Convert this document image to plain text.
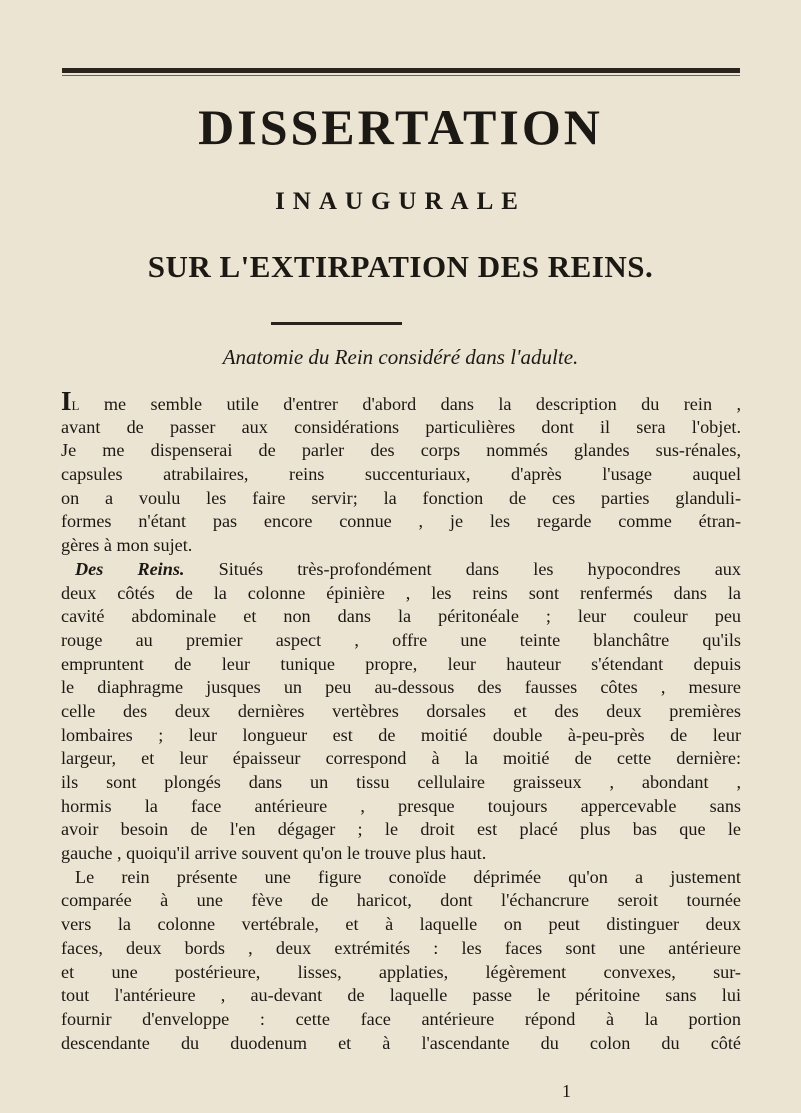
DISSERTATION
INAUGURALE
SUR L'EXTIRPATION DES REINS.
Anatomie du Rein considéré dans l'adulte.
Il me semble utile d'entrer d'abord dans la description du rein ,
avant de passer aux considérations particulières dont il sera l'objet.
Je me dispenserai de parler des corps nommés glandes sus-rénales,
capsules atrabilaires, reins succenturiaux, d'après l'usage auquel
on a voulu les faire servir; la fonction de ces parties glanduli-
formes n'étant pas encore connue , je les regarde comme étran-
gères à mon sujet.
Des Reins. Situés très-profondément dans les hypocondres aux
deux côtés de la colonne épinière , les reins sont renfermés dans la
cavité abdominale et non dans la péritonéale ; leur couleur peu
rouge au premier aspect , offre une teinte blanchâtre qu'ils
empruntent de leur tunique propre, leur hauteur s'étendant depuis
le diaphragme jusques un peu au-dessous des fausses côtes , mesure
celle des deux dernières vertèbres dorsales et des deux premières
lombaires ; leur longueur est de moitié double à-peu-près de leur
largeur, et leur épaisseur correspond à la moitié de cette dernière:
ils sont plongés dans un tissu cellulaire graisseux , abondant ,
hormis la face antérieure , presque toujours appercevable sans
avoir besoin de l'en dégager ; le droit est placé plus bas que le
gauche , quoiqu'il arrive souvent qu'on le trouve plus haut.
Le rein présente une figure conoïde déprimée qu'on a justement
comparée à une fève de haricot, dont l'échancrure seroit tournée
vers la colonne vertébrale, et à laquelle on peut distinguer deux
faces, deux bords , deux extrémités : les faces sont une antérieure
et une postérieure, lisses, applaties, légèrement convexes, sur-
tout l'antérieure , au-devant de laquelle passe le péritoine sans lui
fournir d'enveloppe : cette face antérieure répond à la portion
descendante du duodenum et à l'ascendante du colon du côté
1
